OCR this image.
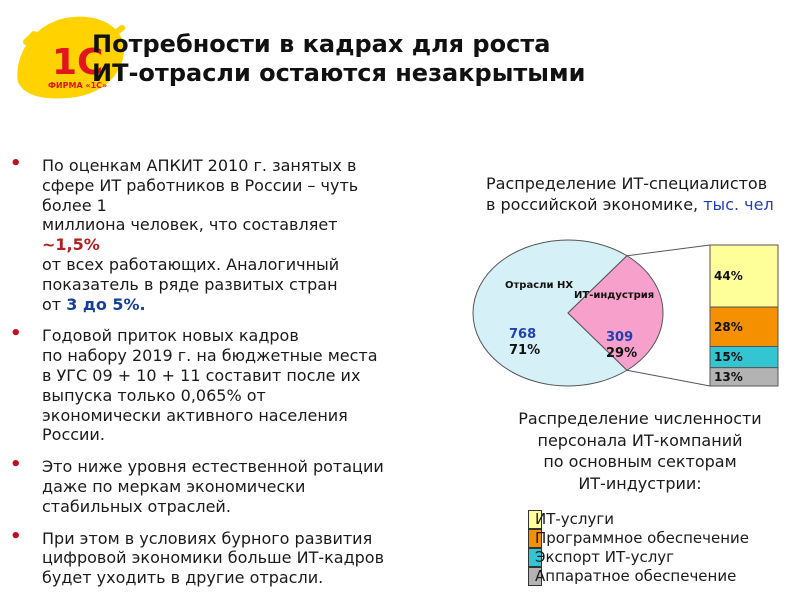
1С
ФИРМА «1С»
Потребности в кадрах для роста
ИТ-отрасли остаются незакрытыми
• По оценкам АПКИТ 2010 г. занятых в
сфере ИТ работников в России – чуть
более 1
миллиона человек, что составляет
~1,5%
от всех работающих. Аналогичный
показатель в ряде развитых стран
от 3 до 5%.
• Годовой приток новых кадров
по набору 2019 г. на бюджетные места
в УГС 09 + 10 + 11 составит после их
выпуска только 0,065% от
экономически активного населения
России.
• Это ниже уровня естественной ротации
даже по меркам экономически
стабильных отраслей.
• При этом в условиях бурного развития
цифровой экономики больше ИТ-кадров
будет уходить в другие отрасли.
Распределение ИТ-специалистов
в российской экономике, тыс. чел
44%
28%
15%
13%
Отрасли НХ
ИТ-индустрия
768
71%
309
29%
Распределение численности
персонала ИТ-компаний
по основным секторам
ИТ-индустрии:
ИТ-услуги
Программное обеспечение
Экспорт ИТ-услуг
Аппаратное обеспечение
